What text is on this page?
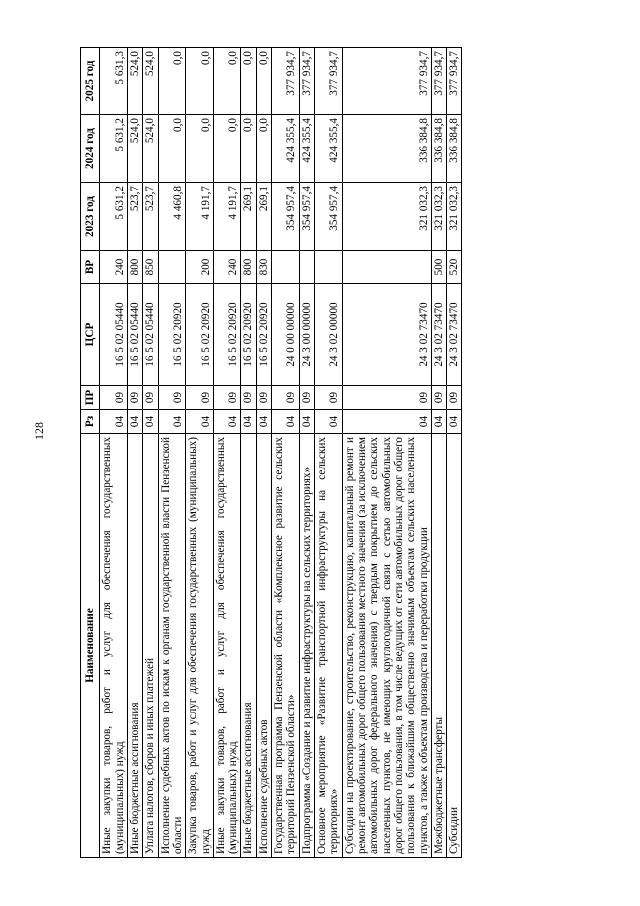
128
Наименование	Рз	ПР	ЦСР	ВР	2023 год	2024 год	2025 год
Иные закупки товаров, работ и услуг для обеспечения государственных (муниципальных) нужд	04	09	16 5 02 05440	240	5 631,2	5 631,2	5 631,3
Иные бюджетные ассигнования	04	09	16 5 02 05440	800	523,7	524,0	524,0
Уплата налогов, сборов и иных платежей	04	09	16 5 02 05440	850	523,7	524,0	524,0
Исполнение судебных актов по искам к органам государственной власти Пензенской области	04	09	16 5 02 20920		4 460,8	0,0	0,0
Закупка товаров, работ и услуг для обеспечения государственных (муниципальных) нужд	04	09	16 5 02 20920	200	4 191,7	0,0	0,0
Иные закупки товаров, работ и услуг для обеспечения государственных (муниципальных) нужд	04	09	16 5 02 20920	240	4 191,7	0,0	0,0
Иные бюджетные ассигнования	04	09	16 5 02 20920	800	269,1	0,0	0,0
Исполнение судебных актов	04	09	16 5 02 20920	830	269,1	0,0	0,0
Государственная программа Пензенской области «Комплексное развитие сельских территорий Пензенской области»	04	09	24 0 00 00000		354 957,4	424 355,4	377 934,7
Подпрограмма «Создание и развитие инфраструктуры на сельских территориях»	04	09	24 3 00 00000		354 957,4	424 355,4	377 934,7
Основное мероприятие «Развитие транспортной инфраструктуры на сельских территориях»	04	09	24 3 02 00000		354 957,4	424 355,4	377 934,7
Субсидии на проектирование, строительство, реконструкцию, капитальный ремонт и ремонт автомобильных дорог общего пользования местного значения (за исключением автомобильных дорог федерального значения) с твердым покрытием до сельских населенных пунктов, не имеющих круглогодичной связи с сетью автомобильных дорог общего пользования, в том числе ведущих от сети автомобильных дорог общего пользования к ближайшим общественно значимым объектам сельских населенных пунктов, а также к объектам производства и переработки продукции	04	09	24 3 02 73470		321 032,3	336 384,8	377 934,7
Межбюджетные трансферты	04	09	24 3 02 73470	500	321 032,3	336 384,8	377 934,7
Субсидии	04	09	24 3 02 73470	520	321 032,3	336 384,8	377 934,7
